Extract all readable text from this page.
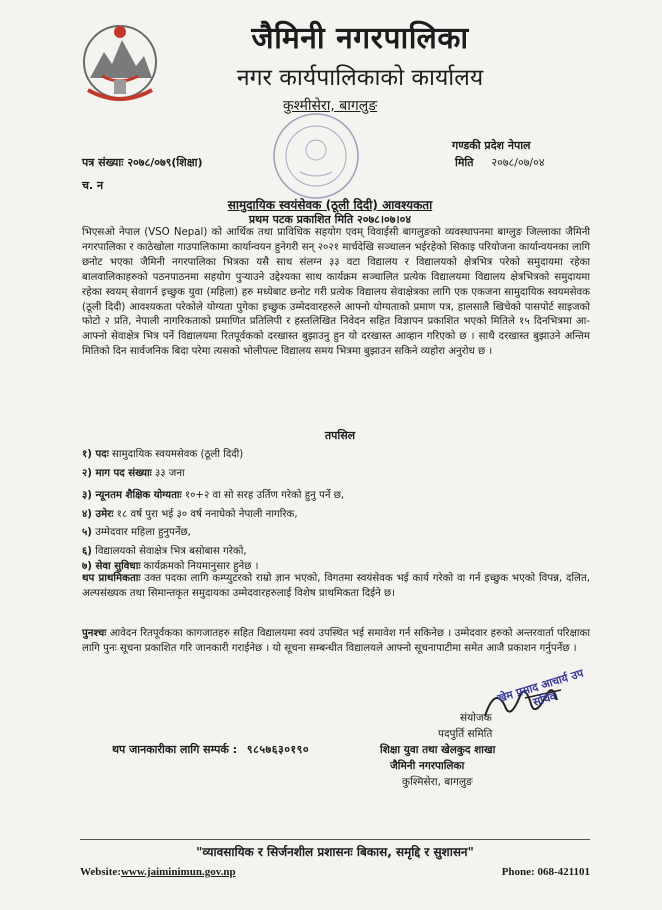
जैमिनी नगरपालिका
नगर कार्यपालिकाको कार्यालय
कुश्मीसेरा, बागलुङ
गण्डकी प्रदेश नेपाल
पत्र संख्याः २०७८/०७९(शिक्षा)	मिति २०७८/०७/०४
च. न
सामुदायिक स्वयंसेवक (ठूली दिदी) आवश्यकता
प्रथम पटक प्रकाशित मिति २०७८।०७।०४
भिएसओ नेपाल (VSO Nepal) को आर्थिक तथा प्राविधिक सहयोग एवम् विवाईसी बागलुङको व्यवस्थापनमा बाग्लुङ जिल्लाका जैमिनी नगरपालिका र काठेखोला गाउपालिकामा कार्यान्वयन हुनेगरी सन् २०२१ मार्चदेखि सञ्चालन भईरहेको सिकाइ परियोजना कार्यान्वयनका लागि छनोट भएका जैमिनी नगरपालिका भित्रका यसै साथ संलग्न ३३ वटा विद्यालय र विद्यालयको क्षेत्रभित्र परेको समुदायमा रहेका बालवालिकाहरुको पठनपाठनमा सहयोग पुऱ्याउने उद्देश्यका साथ कार्यक्रम सञ्चालित प्रत्येक विद्यालयमा विद्यालय क्षेत्रभित्रको समुदायमा रहेका स्वयम् सेवागर्न इच्छुक युवा (महिला) हरु मध्येबाट छनोट गरी प्रत्येक विद्यालय सेवाक्षेत्रका लागि एक एकजना सामुदायिक स्वयमसेवक (ठूली दिदी) आवश्यकता परेकोले योग्यता पुगेका इच्छुक उम्मेदवारहरुले आफ्नो योग्यताको प्रमाण पत्र, हालसालै खिचेको पासपोर्ट साइजको फोटो २ प्रति, नेपाली नागरिकताको प्रमाणित प्रतिलिपी र हस्तलिखित निवेदन सहित विज्ञापन प्रकाशित भएको मितिले १५ दिनभित्रमा आ-आफ्नो सेवाक्षेत्र भित्र पर्ने विद्यालयमा रितपूर्वकको दरखास्त बुझाउनु हुन यो दरखास्त आव्हान गरिएको छ । साथै दरखास्त बुझाउने अन्तिम मितिको दिन सार्वजनिक बिदा परेमा त्यसको भोलीपल्ट विद्यालय समय भित्रमा बुझाउन सकिने व्यहोरा अनुरोध छ ।
तपसिल
१) पदः सामुदायिक स्वयमसेवक (ठूली दिदी)
२) माग पद संख्याः ३३ जना
३) न्यूनतम शैक्षिक योग्यताः १०+२ वा सो सरह उर्तिण गरेको हुनु पर्ने छ,
४) उमेरः १८ वर्ष पुरा भई ३० वर्ष ननाघेको नेपाली नागरिक,
५) उम्मेदवार महिला हुनुपर्नेछ,
६) विद्यालयको सेवाक्षेत्र भित्र बसोबास गरेको,
७) सेवा सुविधाः कार्यक्रमको नियमानुसार हुनेछ ।
थप प्राथमिकताः उक्त पदका लागि कम्प्युटरको राम्रो ज्ञान भएको, विगतमा स्वयंसेवक भई कार्य गरेको वा गर्न इच्छुक भएको विपन्न, दलित, अल्पसंख्यक तथा सिमान्तकृत समुदायका उम्मेदवारहरुलाई विशेष प्राथमिकता दिईने छ।
पुनश्चः आवेदन रितपूर्वकका कागजातहरु सहित विद्यालयमा स्वयं उपस्थित भई समावेश गर्न सकिनेछ । उम्मेदवार हरुको अन्तरवार्ता परिक्षाका लागि पुनः सूचना प्रकाशित गरि जानकारी गराईनेछ । यो सूचना सम्बन्धीत विद्यालयले आफ्नो सूचनापाटीमा समेत आजै प्रकाशन गर्नुपर्नेछ ।
खेम प्रसाद आचार्य उप सचिव
संयोजक
पदपुर्ति समिति
शिक्षा युवा तथा खेलकुद शाखा
जैमिनी नगरपालिका
कुश्मिसेरा, बागलुङ
थप जानकारीका लागि सम्पर्क : ९८५७६३०१९०
"व्यावसायिक र सिर्जनशील प्रशासनः बिकास, समृद्दि र सुशासन"
Website:www.jaiminimun.gov.np	Phone: 068-421101
